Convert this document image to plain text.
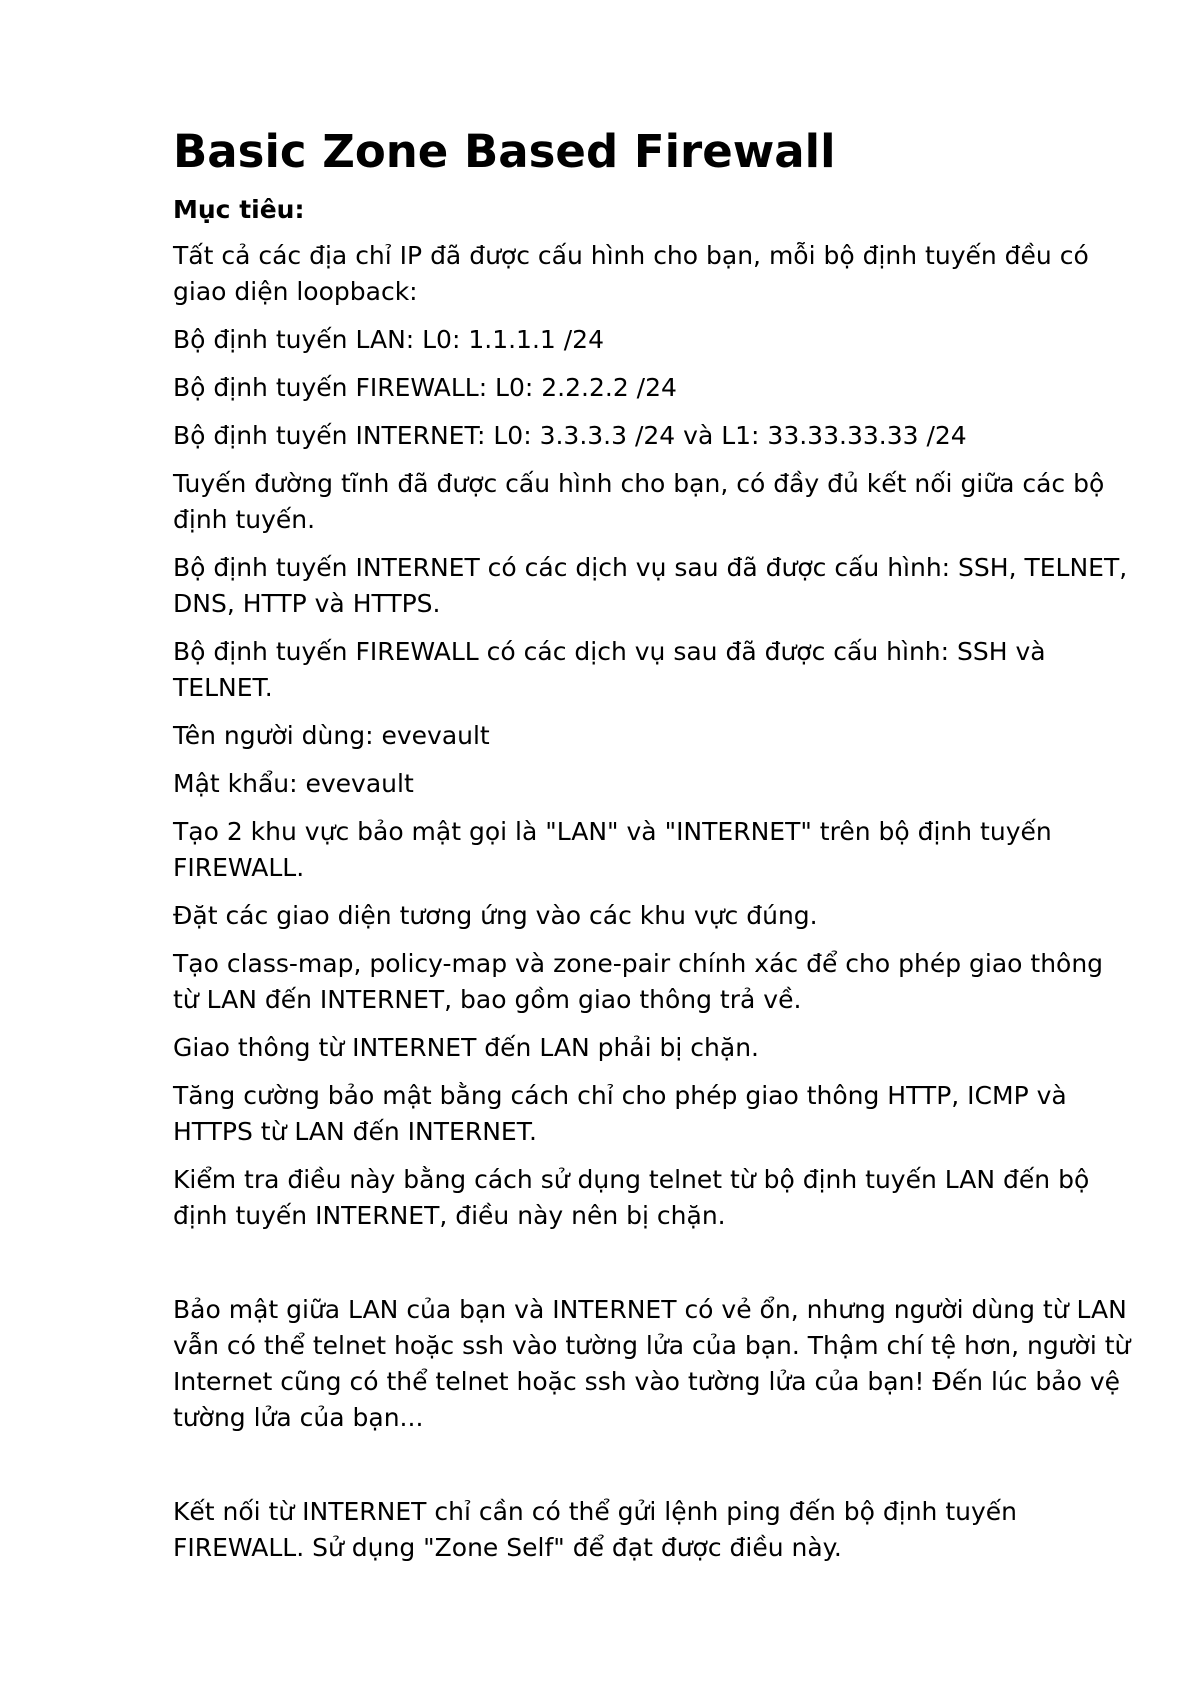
Basic Zone Based Firewall
Mục tiêu:

Tất cả các địa chỉ IP đã được cấu hình cho bạn, mỗi bộ định tuyến đều có giao diện loopback:

Bộ định tuyến LAN: L0: 1.1.1.1 /24

Bộ định tuyến FIREWALL: L0: 2.2.2.2 /24

Bộ định tuyến INTERNET: L0: 3.3.3.3 /24 và L1: 33.33.33.33 /24

Tuyến đường tĩnh đã được cấu hình cho bạn, có đầy đủ kết nối giữa các bộ định tuyến.

Bộ định tuyến INTERNET có các dịch vụ sau đã được cấu hình: SSH, TELNET, DNS, HTTP và HTTPS.

Bộ định tuyến FIREWALL có các dịch vụ sau đã được cấu hình: SSH và TELNET.

Tên người dùng: evevault

Mật khẩu: evevault

Tạo 2 khu vực bảo mật gọi là "LAN" và "INTERNET" trên bộ định tuyến FIREWALL.

Đặt các giao diện tương ứng vào các khu vực đúng.

Tạo class-map, policy-map và zone-pair chính xác để cho phép giao thông từ LAN đến INTERNET, bao gồm giao thông trả về.

Giao thông từ INTERNET đến LAN phải bị chặn.

Tăng cường bảo mật bằng cách chỉ cho phép giao thông HTTP, ICMP và HTTPS từ LAN đến INTERNET.

Kiểm tra điều này bằng cách sử dụng telnet từ bộ định tuyến LAN đến bộ định tuyến INTERNET, điều này nên bị chặn.

Bảo mật giữa LAN của bạn và INTERNET có vẻ ổn, nhưng người dùng từ LAN vẫn có thể telnet hoặc ssh vào tường lửa của bạn. Thậm chí tệ hơn, người từ Internet cũng có thể telnet hoặc ssh vào tường lửa của bạn! Đến lúc bảo vệ tường lửa của bạn...

Kết nối từ INTERNET chỉ cần có thể gửi lệnh ping đến bộ định tuyến FIREWALL. Sử dụng "Zone Self" để đạt được điều này.
